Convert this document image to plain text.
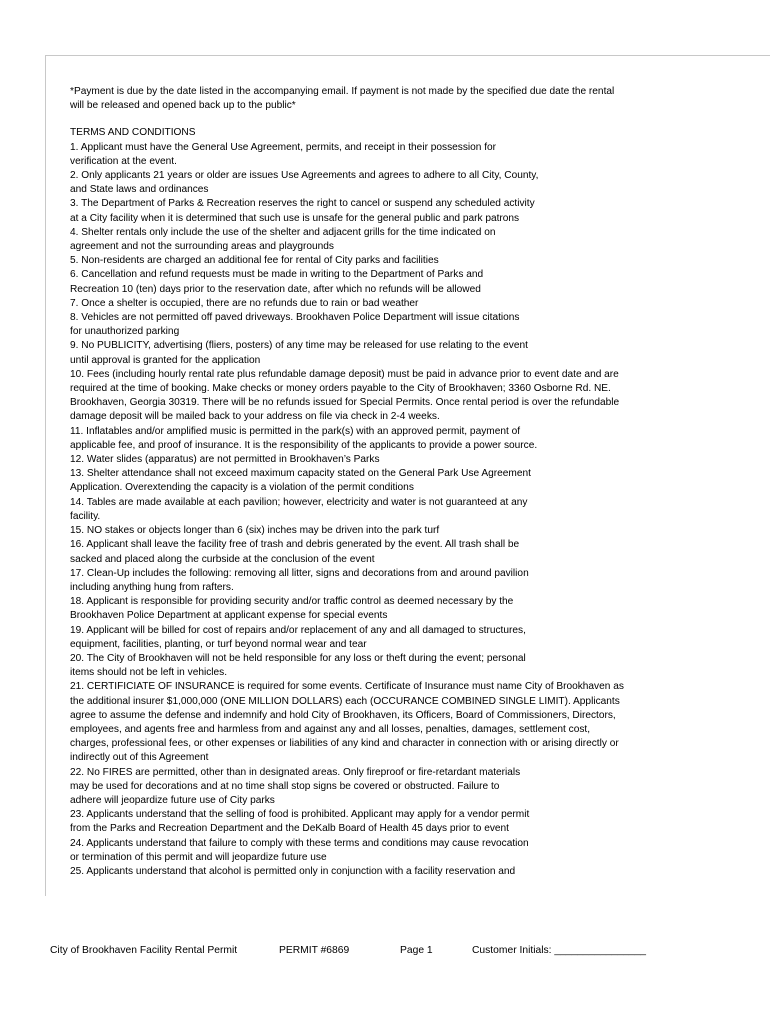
*Payment is due by the date listed in the accompanying email. If payment is not made by the specified due date the rental
will be released and opened back up to the public*
TERMS AND CONDITIONS
1. Applicant must have the General Use Agreement, permits, and receipt in their possession for
verification at the event.
2. Only applicants 21 years or older are issues Use Agreements and agrees to adhere to all City, County,
and State laws and ordinances
3. The Department of Parks & Recreation reserves the right to cancel or suspend any scheduled activity
at a City facility when it is determined that such use is unsafe for the general public and park patrons
4. Shelter rentals only include the use of the shelter and adjacent grills for the time indicated on
agreement and not the surrounding areas and playgrounds
5. Non-residents are charged an additional fee for rental of City parks and facilities
6. Cancellation and refund requests must be made in writing to the Department of Parks and
Recreation 10 (ten) days prior to the reservation date, after which no refunds will be allowed
7. Once a shelter is occupied, there are no refunds due to rain or bad weather
8. Vehicles are not permitted off paved driveways. Brookhaven Police Department will issue citations
for unauthorized parking
9. No PUBLICITY, advertising (fliers, posters) of any time may be released for use relating to the event
until approval is granted for the application
10. Fees (including hourly rental rate plus refundable damage deposit) must be paid in advance prior to event date and are
required at the time of booking. Make checks or money orders payable to the City of Brookhaven; 3360 Osborne Rd. NE.
Brookhaven, Georgia 30319. There will be no refunds issued for Special Permits. Once rental period is over the refundable
damage deposit will be mailed back to your address on file via check in 2-4 weeks.
11. Inflatables and/or amplified music is permitted in the park(s) with an approved permit, payment of
applicable fee, and proof of insurance. It is the responsibility of the applicants to provide a power source.
12. Water slides (apparatus) are not permitted in Brookhaven’s Parks
13. Shelter attendance shall not exceed maximum capacity stated on the General Park Use Agreement
Application. Overextending the capacity is a violation of the permit conditions
14. Tables are made available at each pavilion; however, electricity and water is not guaranteed at any
facility.
15. NO stakes or objects longer than 6 (six) inches may be driven into the park turf
16. Applicant shall leave the facility free of trash and debris generated by the event. All trash shall be
sacked and placed along the curbside at the conclusion of the event
17. Clean-Up includes the following: removing all litter, signs and decorations from and around pavilion
including anything hung from rafters.
18. Applicant is responsible for providing security and/or traffic control as deemed necessary by the
Brookhaven Police Department at applicant expense for special events
19. Applicant will be billed for cost of repairs and/or replacement of any and all damaged to structures,
equipment, facilities, planting, or turf beyond normal wear and tear
20. The City of Brookhaven will not be held responsible for any loss or theft during the event; personal
items should not be left in vehicles.
21. CERTIFICIATE OF INSURANCE is required for some events. Certificate of Insurance must name City of Brookhaven as
the additional insurer $1,000,000 (ONE MILLION DOLLARS) each (OCCURANCE COMBINED SINGLE LIMIT). Applicants
agree to assume the defense and indemnify and hold City of Brookhaven, its Officers, Board of Commissioners, Directors,
employees, and agents free and harmless from and against any and all losses, penalties, damages, settlement cost,
charges, professional fees, or other expenses or liabilities of any kind and character in connection with or arising directly or
indirectly out of this Agreement
22. No FIRES are permitted, other than in designated areas. Only fireproof or fire-retardant materials
may be used for decorations and at no time shall stop signs be covered or obstructed. Failure to
adhere will jeopardize future use of City parks
23. Applicants understand that the selling of food is prohibited. Applicant may apply for a vendor permit
from the Parks and Recreation Department and the DeKalb Board of Health 45 days prior to event
24. Applicants understand that failure to comply with these terms and conditions may cause revocation
or termination of this permit and will jeopardize future use
25. Applicants understand that alcohol is permitted only in conjunction with a facility reservation and
City of Brookhaven Facility Rental Permit	PERMIT #6869	Page 1	Customer Initials: ________________
